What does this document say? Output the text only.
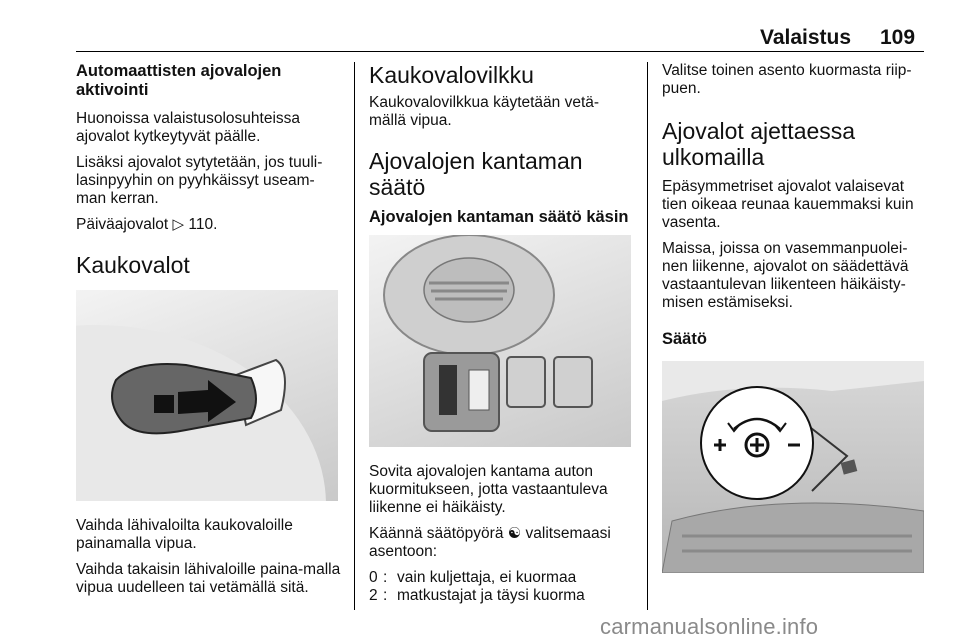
Valaistus 109
Automaattisten ajovalojen aktivointi

Huonoissa valaistusolosuhteissa ajovalot kytkeytyvät päälle.

Lisäksi ajovalot sytytetään, jos tuuli-lasinpyyhin on pyyhkäissyt useam-man kerran.

Päiväajovalot ▷ 110.

Kaukovalot

Vaihda lähivaloilta kaukovaloille painamalla vipua.

Vaihda takaisin lähivaloille paina-malla vipua uudelleen tai vetämällä sitä.

Kaukovalovilkku

Kaukovalovilkkua käytetään vetä-mällä vipua.

Ajovalojen kantaman säätö
Ajovalojen kantaman säätö käsin

Sovita ajovalojen kantama auton kuormitukseen, jotta vastaantuleva liikenne ei häikäisty.

Käännä säätöpyörä ☯ valitsemaasi asentoon:

0 : vain kuljettaja, ei kuormaa
2 : matkustajat ja täysi kuorma

Valitse toinen asento kuormasta riip-puen.

Ajovalot ajettaessa ulkomailla

Epäsymmetriset ajovalot valaisevat tien oikeaa reunaa kauemmaksi kuin vasenta.

Maissa, joissa on vasemmanpuolei-nen liikenne, ajovalot on säädettävä vastaantulevan liikenteen häikäisty-misen estämiseksi.

Säätö
carmanualsonline.info
